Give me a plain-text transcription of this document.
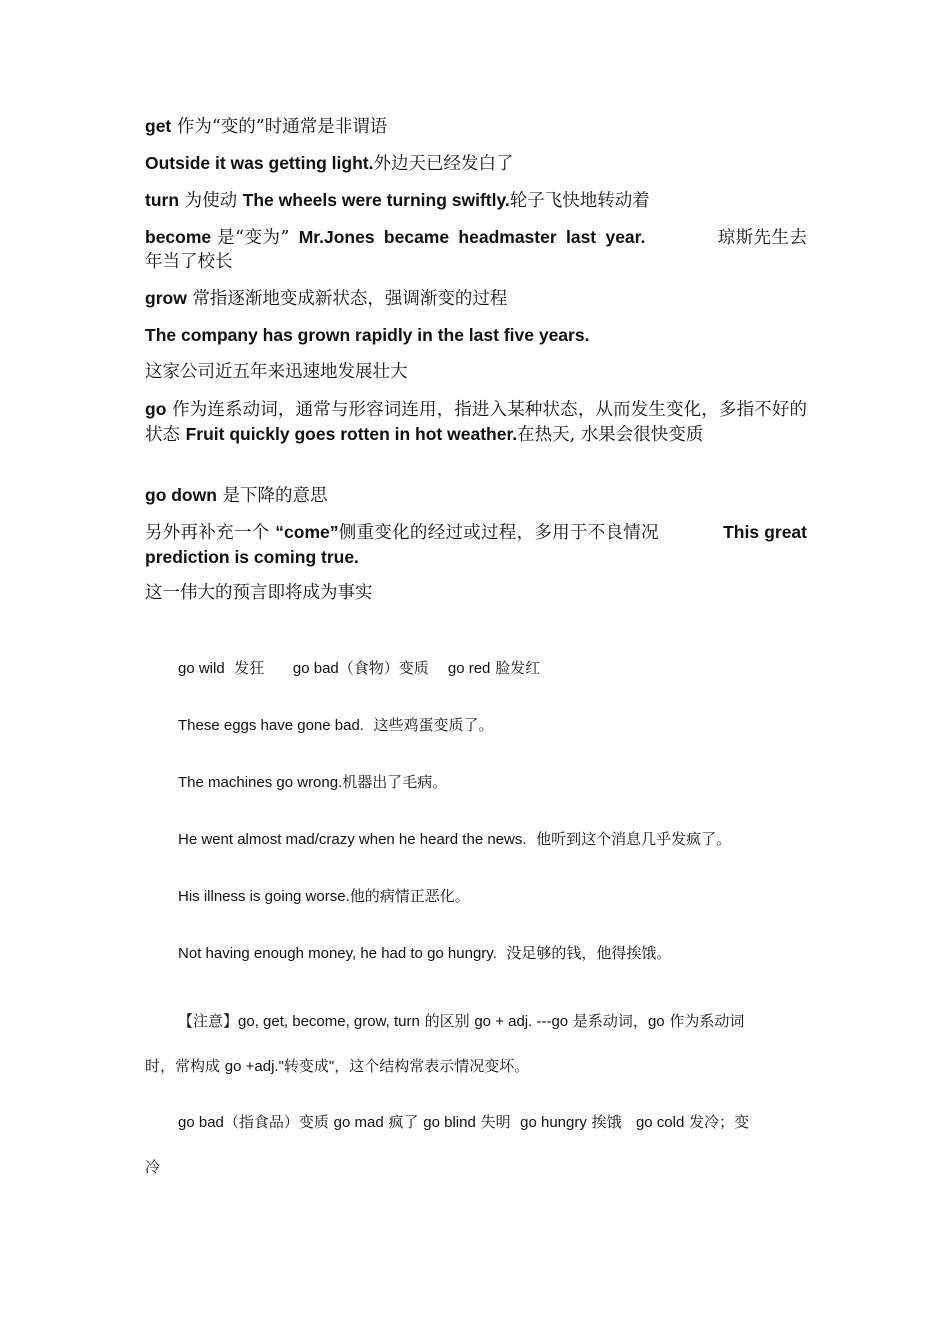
get 作为“变的”时通常是非谓语

Outside it was getting light.外边天已经发白了

turn 为使动 The wheels were turning swiftly.轮子飞快地转动着

become 是“变为” Mr.Jones became headmaster last year.	琼斯先生去年当了校长

grow 常指逐渐地变成新状态，强调渐变的过程

The company has grown rapidly in the last five years.

这家公司近五年来迅速地发展壮大

go 作为连系动词，通常与形容词连用，指进入某种状态，从而发生变化，多指不好的状态 Fruit quickly goes rotten in hot weather.在热天, 水果会很快变质

go down 是下降的意思

另外再补充一个 “come”侧重变化的经过或过程，多用于不良情况	This great prediction is coming true.

这一伟大的预言即将成为事实

go wild 发狂 go bad（食物）变质 go red 脸发红

These eggs have gone bad. 这些鸡蛋变质了。

The machines go wrong.机器出了毛病。

He went almost mad/crazy when he heard the news. 他听到这个消息几乎发疯了。

His illness is going worse.他的病情正恶化。

Not having enough money, he had to go hungry. 没足够的钱，他得挨饿。

【注意】go, get, become, grow, turn 的区别 go + adj. ---go 是系动词，go 作为系动词
时，常构成 go +adj."转变成"，这个结构常表示情况变坏。

go bad（指食品）变质 go mad 疯了 go blind 失明  go hungry 挨饿   go cold 发冷；变
冷
